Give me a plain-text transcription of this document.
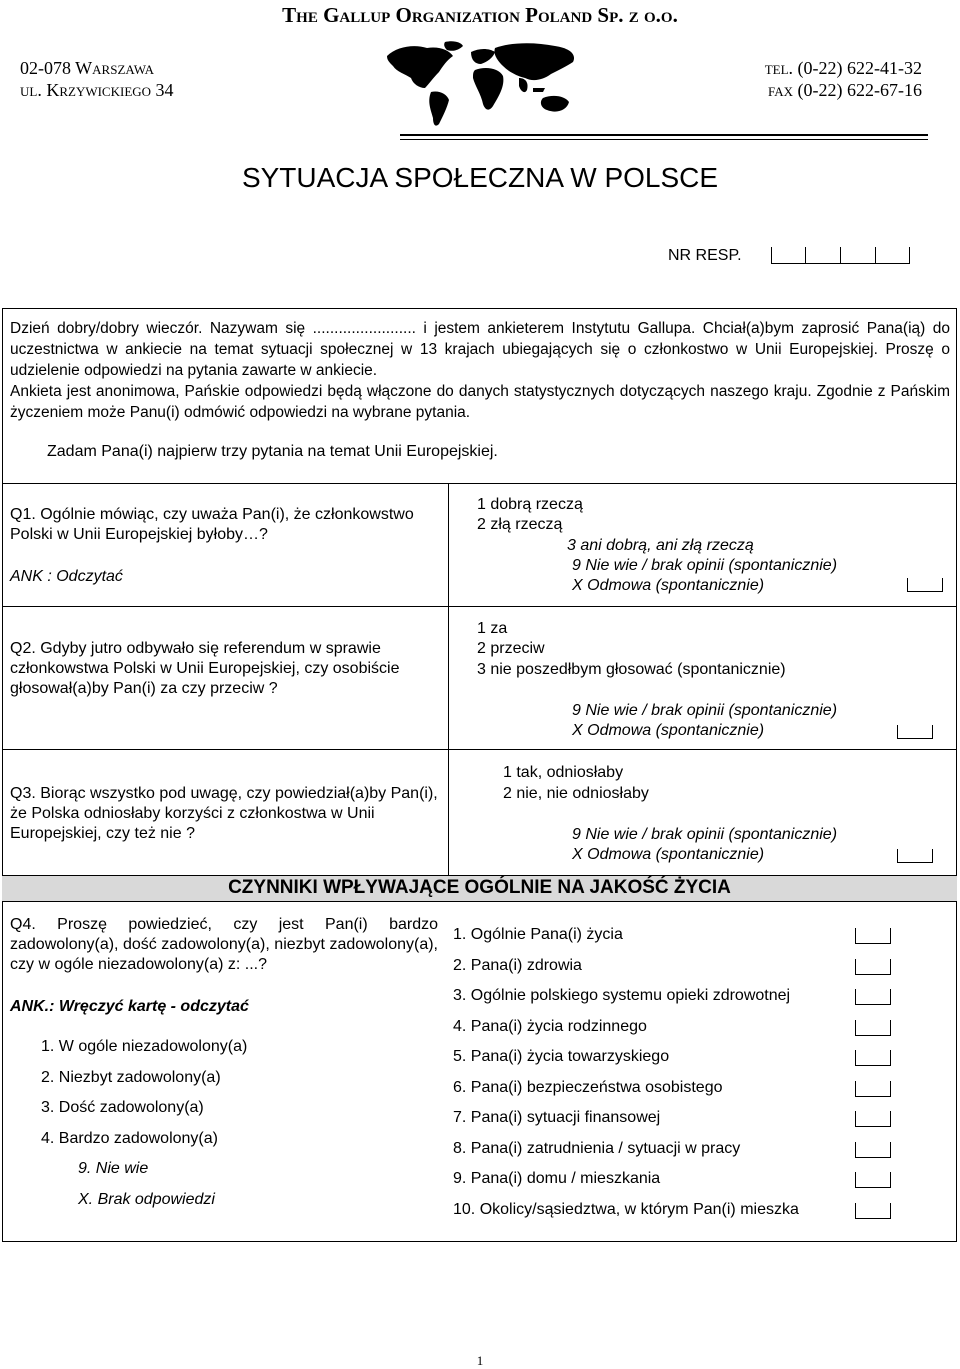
The Gallup Organization Poland Sp. z o.o.
02-078 Warszawa
ul. Krzywickiego 34
tel. (0-22) 622-41-32
fax (0-22) 622-67-16
SYTUACJA SPOŁECZNA W POLSCE
NR RESP.
Dzień dobry/dobry wieczór. Nazywam się ........................ i jestem ankieterem Instytutu Gallupa. Chciał(a)bym zaprosić Pana(ią) do uczestnictwa w ankiecie na temat sytuacji społecznej w 13 krajach ubiegających się o członkostwo w Unii Europejskiej. Proszę o udzielenie odpowiedzi na pytania zawarte w ankiecie.
Ankieta jest anonimowa, Pańskie odpowiedzi będą włączone do danych statystycznych dotyczących naszego kraju. Zgodnie z Pańskim życzeniem może Panu(i) odmówić odpowiedzi na wybrane pytania.
Zadam Pana(i) najpierw trzy pytania na temat Unii Europejskiej.
Q1. Ogólnie mówiąc, czy uważa Pan(i), że członkowstwo Polski w Unii Europejskiej byłoby…?
ANK : Odczytać
1 dobrą rzeczą
2 złą rzeczą
3 ani dobrą, ani złą rzeczą
9 Nie wie / brak opinii (spontanicznie)
X Odmowa (spontanicznie)
Q2. Gdyby jutro odbywało się referendum w sprawie członkowstwa Polski w Unii Europejskiej, czy osobiście głosował(a)by Pan(i) za czy przeciw ?
1 za
2 przeciw
3 nie poszedłbym głosować (spontanicznie)
9 Nie wie / brak opinii (spontanicznie)
X Odmowa (spontanicznie)
Q3. Biorąc wszystko pod uwagę, czy powiedział(a)by Pan(i), że Polska odniosłaby korzyści z członkostwa w Unii Europejskiej, czy też nie ?
1 tak, odniosłaby
2 nie, nie odniosłaby
9 Nie wie / brak opinii (spontanicznie)
X Odmowa (spontanicznie)
CZYNNIKI WPŁYWAJĄCE OGÓLNIE NA JAKOŚĆ ŻYCIA
Q4. Proszę powiedzieć, czy jest Pan(i) bardzo zadowolony(a), dość zadowolony(a), niezbyt zadowolony(a), czy w ogóle niezadowolony(a) z: ...?
ANK.: Wręczyć kartę - odczytać
1. W ogóle niezadowolony(a)
2. Niezbyt zadowolony(a)
3. Dość zadowolony(a)
4. Bardzo zadowolony(a)
9. Nie wie
X. Brak odpowiedzi
1. Ogólnie Pana(i) życia
2. Pana(i) zdrowia
3. Ogólnie polskiego systemu opieki zdrowotnej
4. Pana(i) życia rodzinnego
5. Pana(i) życia towarzyskiego
6. Pana(i) bezpieczeństwa osobistego
7. Pana(i) sytuacji finansowej
8. Pana(i) zatrudnienia / sytuacji w pracy
9. Pana(i) domu / mieszkania
10. Okolicy/sąsiedztwa, w którym Pan(i) mieszka
1
